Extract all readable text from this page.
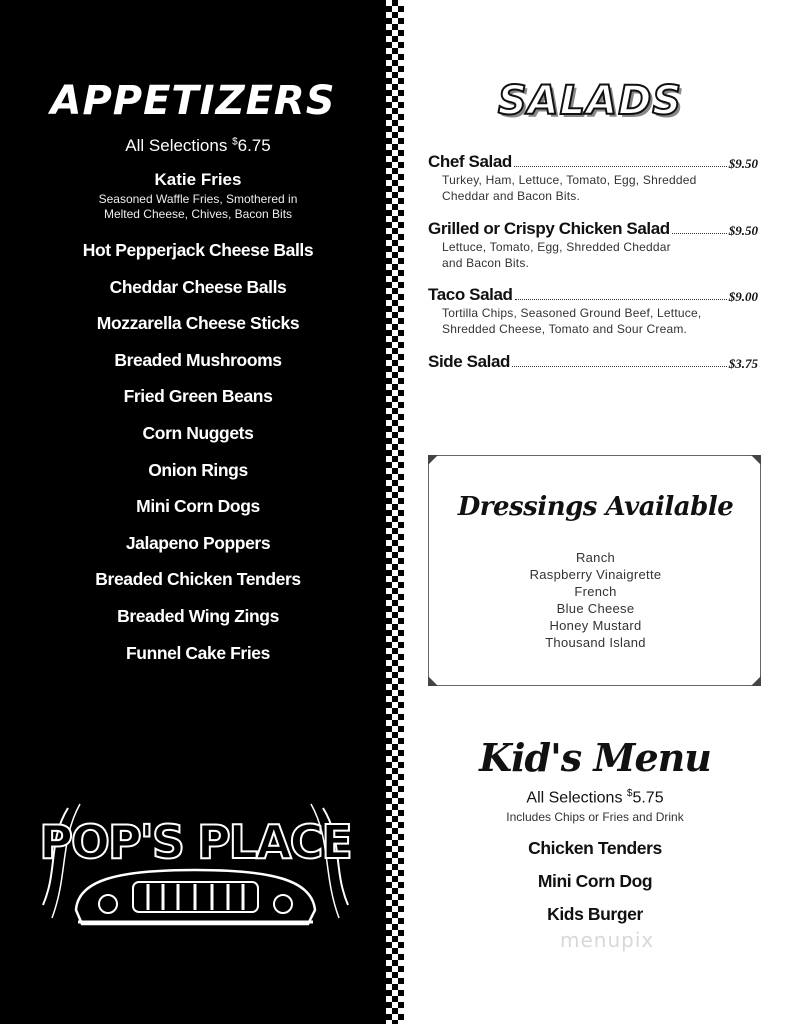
APPETIZERS
All Selections $6.75
Katie Fries
Seasoned Waffle Fries, Smothered in
Melted Cheese, Chives, Bacon Bits
Hot Pepperjack Cheese Balls
Cheddar Cheese Balls
Mozzarella Cheese Sticks
Breaded Mushrooms
Fried Green Beans
Corn Nuggets
Onion Rings
Mini Corn Dogs
Jalapeno Poppers
Breaded Chicken Tenders
Breaded Wing Zings
Funnel Cake Fries
POP'S PLACE
SALADS
Chef Salad	$9.50
Turkey, Ham, Lettuce, Tomato, Egg, Shredded
Cheddar and Bacon Bits.
Grilled or Crispy Chicken Salad	$9.50
Lettuce, Tomato, Egg, Shredded Cheddar
and Bacon Bits.
Taco Salad	$9.00
Tortilla Chips, Seasoned Ground Beef, Lettuce,
Shredded Cheese, Tomato and Sour Cream.
Side Salad	$3.75
Dressings Available
Ranch
Raspberry Vinaigrette
French
Blue Cheese
Honey Mustard
Thousand Island
Kid's Menu
All Selections $5.75
Includes Chips or Fries and Drink
Chicken Tenders
Mini Corn Dog
Kids Burger
menupix
